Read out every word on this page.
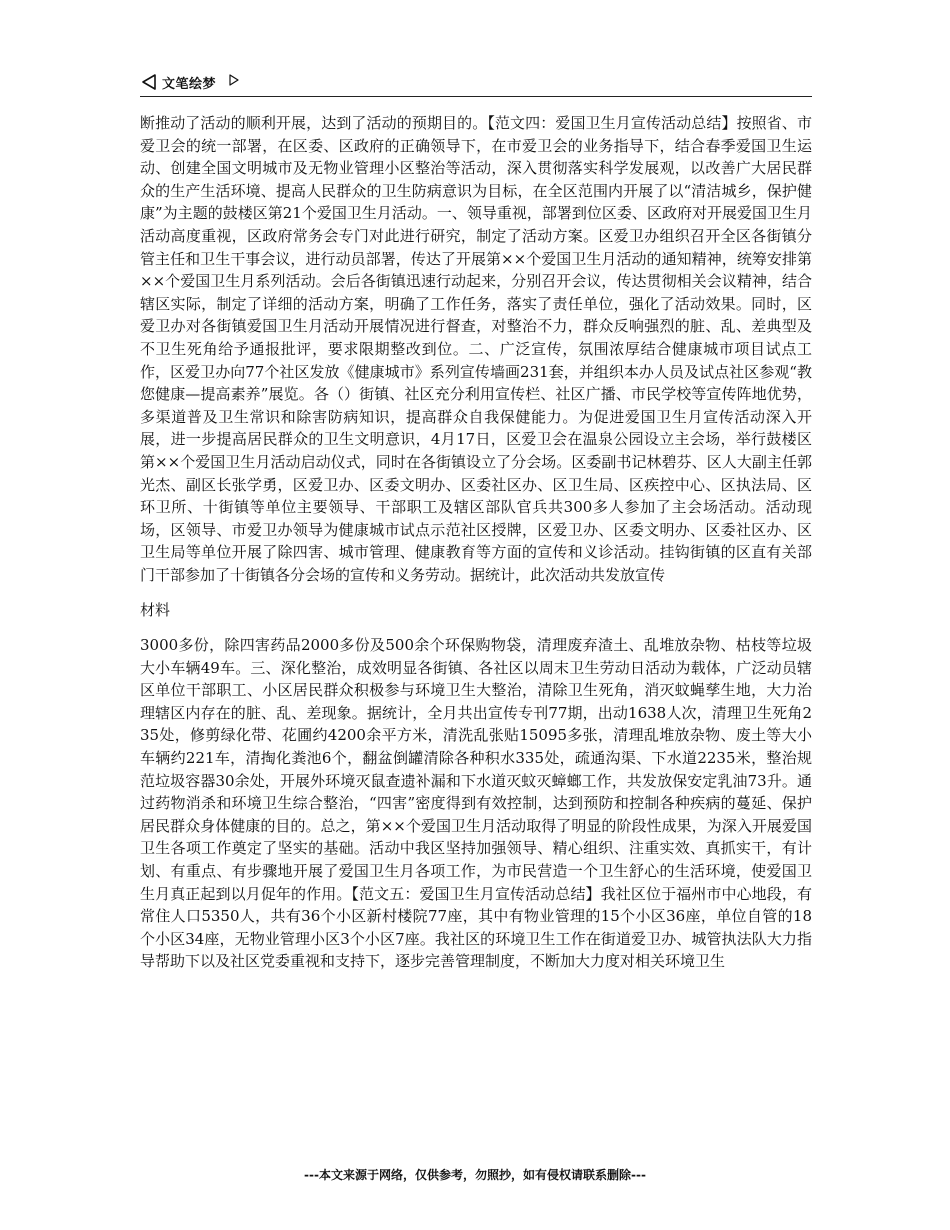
文笔绘梦

断推动了活动的顺利开展，达到了活动的预期目的。【范文四：爱国卫生月宣传活动总结】按照省、市爱卫会的统一部署，在区委、区政府的正确领导下，在市爱卫会的业务指导下，结合春季爱国卫生运动、创建全国文明城市及无物业管理小区整治等活动，深入贯彻落实科学发展观，以改善广大居民群众的生产生活环境、提高人民群众的卫生防病意识为目标，在全区范围内开展了以“清洁城乡，保护健康”为主题的鼓楼区第21个爱国卫生月活动。一、领导重视，部署到位区委、区政府对开展爱国卫生月活动高度重视，区政府常务会专门对此进行研究，制定了活动方案。区爱卫办组织召开全区各街镇分管主任和卫生干事会议，进行动员部署，传达了开展第××个爱国卫生月活动的通知精神，统筹安排第××个爱国卫生月系列活动。会后各街镇迅速行动起来，分别召开会议，传达贯彻相关会议精神，结合辖区实际，制定了详细的活动方案，明确了工作任务，落实了责任单位，强化了活动效果。同时，区爱卫办对各街镇爱国卫生月活动开展情况进行督查，对整治不力，群众反响强烈的脏、乱、差典型及不卫生死角给予通报批评，要求限期整改到位。二、广泛宣传，氛围浓厚结合健康城市项目试点工作，区爱卫办向77个社区发放《健康城市》系列宣传墙画231套，并组织本办人员及试点社区参观“教您健康—提高素养”展览。各（）街镇、社区充分利用宣传栏、社区广播、市民学校等宣传阵地优势，多渠道普及卫生常识和除害防病知识，提高群众自我保健能力。为促进爱国卫生月宣传活动深入开展，进一步提高居民群众的卫生文明意识，4月17日，区爱卫会在温泉公园设立主会场，举行鼓楼区第××个爱国卫生月活动启动仪式，同时在各街镇设立了分会场。区委副书记林碧芬、区人大副主任郭光杰、副区长张学勇，区爱卫办、区委文明办、区委社区办、区卫生局、区疾控中心、区执法局、区环卫所、十街镇等单位主要领导、干部职工及辖区部队官兵共300多人参加了主会场活动。活动现场，区领导、市爱卫办领导为健康城市试点示范社区授牌，区爱卫办、区委文明办、区委社区办、区卫生局等单位开展了除四害、城市管理、健康教育等方面的宣传和义诊活动。挂钩街镇的区直有关部门干部参加了十街镇各分会场的宣传和义务劳动。据统计，此次活动共发放宣传

材料

3000多份，除四害药品2000多份及500余个环保购物袋，清理废弃渣土、乱堆放杂物、枯枝等垃圾大小车辆49车。三、深化整治，成效明显各街镇、各社区以周末卫生劳动日活动为载体，广泛动员辖区单位干部职工、小区居民群众积极参与环境卫生大整治，清除卫生死角，消灭蚊蝇孳生地，大力治理辖区内存在的脏、乱、差现象。据统计，全月共出宣传专刊77期，出动1638人次，清理卫生死角235处，修剪绿化带、花圃约4200余平方米，清洗乱张贴15095多张，清理乱堆放杂物、废土等大小车辆约221车，清掏化粪池6个，翻盆倒罐清除各种积水335处，疏通沟渠、下水道2235米，整治规范垃圾容器30余处，开展外环境灭鼠查遗补漏和下水道灭蚊灭蟑螂工作，共发放保安定乳油73升。通过药物消杀和环境卫生综合整治，“四害”密度得到有效控制，达到预防和控制各种疾病的蔓延、保护居民群众身体健康的目的。总之，第××个爱国卫生月活动取得了明显的阶段性成果，为深入开展爱国卫生各项工作奠定了坚实的基础。活动中我区坚持加强领导、精心组织、注重实效、真抓实干，有计划、有重点、有步骤地开展了爱国卫生月各项工作，为市民营造一个卫生舒心的生活环境，使爱国卫生月真正起到以月促年的作用。【范文五：爱国卫生月宣传活动总结】我社区位于福州市中心地段，有常住人口5350人，共有36个小区新村楼院77座，其中有物业管理的15个小区36座，单位自管的18个小区34座，无物业管理小区3个小区7座。我社区的环境卫生工作在街道爱卫办、城管执法队大力指导帮助下以及社区党委重视和支持下，逐步完善管理制度，不断加大力度对相关环境卫生

---本文来源于网络，仅供参考，勿照抄，如有侵权请联系删除---
